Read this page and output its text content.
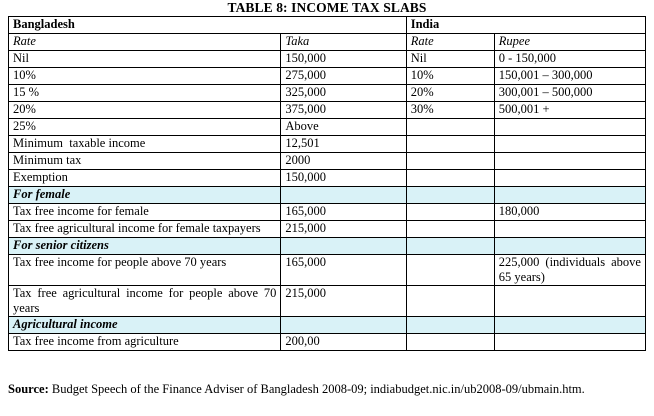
TABLE 8: INCOME TAX SLABS
Bangladesh		India	
Rate	Taka	Rate	Rupee
Nil	150,000	Nil	0 - 150,000
10%	275,000	10%	150,001 – 300,000
15 %	325,000	20%	300,001 – 500,000
20%	375,000	30%	500,001 +
25%	Above		
Minimum  taxable income	12,501		
Minimum tax	2000		
Exemption	150,000		
For female			
Tax free income for female	165,000		180,000
Tax free agricultural income for female taxpayers	215,000		
For senior citizens			
Tax free income for people above 70 years	165,000		225,000 (individuals above 65 years)
Tax free agricultural income for people above 70 years	215,000		
Agricultural income			
Tax free income from agriculture	200,00		
Source: Budget Speech of the Finance Adviser of Bangladesh 2008-09; indiabudget.nic.in/ub2008-09/ubmain.htm.
